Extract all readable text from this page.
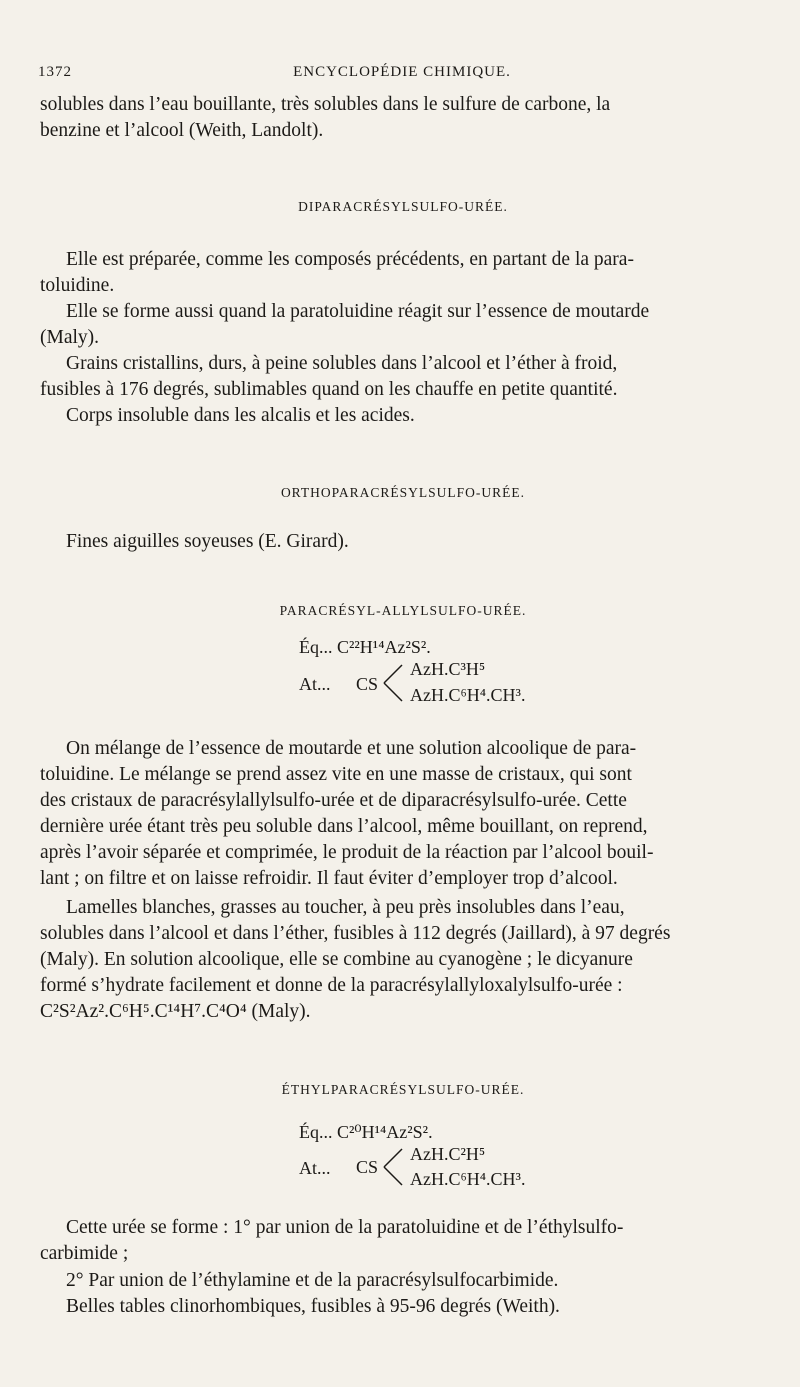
1372	ENCYCLOPÉDIE CHIMIQUE.

solubles dans l’eau bouillante, très solubles dans le sulfure de carbone, la
benzine et l’alcool (Weith, Landolt).

DIPARACRÉSYLSULFO-URÉE.

Elle est préparée, comme les composés précédents, en partant de la para-
toluidine.

Elle se forme aussi quand la paratoluidine réagit sur l’essence de moutarde
(Maly).

Grains cristallins, durs, à peine solubles dans l’alcool et l’éther à froid,
fusibles à 176 degrés, sublimables quand on les chauffe en petite quantité.

Corps insoluble dans les alcalis et les acides.

ORTHOPARACRÉSYLSULFO-URÉE.

Fines aiguilles soyeuses (E. Girard).

PARACRÉSYL-ALLYLSULFO-URÉE.

Éq... C²²H¹⁴Az²S².
At... CS
AzH.C³H⁵
AzH.C⁶H⁴.CH³.

On mélange de l’essence de moutarde et une solution alcoolique de para-
toluidine. Le mélange se prend assez vite en une masse de cristaux, qui sont
des cristaux de paracrésylallylsulfo-urée et de diparacrésylsulfo-urée. Cette
dernière urée étant très peu soluble dans l’alcool, même bouillant, on reprend,
après l’avoir séparée et comprimée, le produit de la réaction par l’alcool bouil-
lant ; on filtre et on laisse refroidir. Il faut éviter d’employer trop d’alcool.

Lamelles blanches, grasses au toucher, à peu près insolubles dans l’eau,
solubles dans l’alcool et dans l’éther, fusibles à 112 degrés (Jaillard), à 97 degrés
(Maly). En solution alcoolique, elle se combine au cyanogène ; le dicyanure
formé s’hydrate facilement et donne de la paracrésylallyloxalylsulfo-urée :
C²S²Az².C⁶H⁵.C¹⁴H⁷.C⁴O⁴ (Maly).

ÉTHYLPARACRÉSYLSULFO-URÉE.

Éq... C²⁰H¹⁴Az²S².
At... CS
AzH.C²H⁵
AzH.C⁶H⁴.CH³.

Cette urée se forme : 1° par union de la paratoluidine et de l’éthylsulfo-
carbimide ;

2° Par union de l’éthylamine et de la paracrésylsulfocarbimide.

Belles tables clinorhombiques, fusibles à 95-96 degrés (Weith).
